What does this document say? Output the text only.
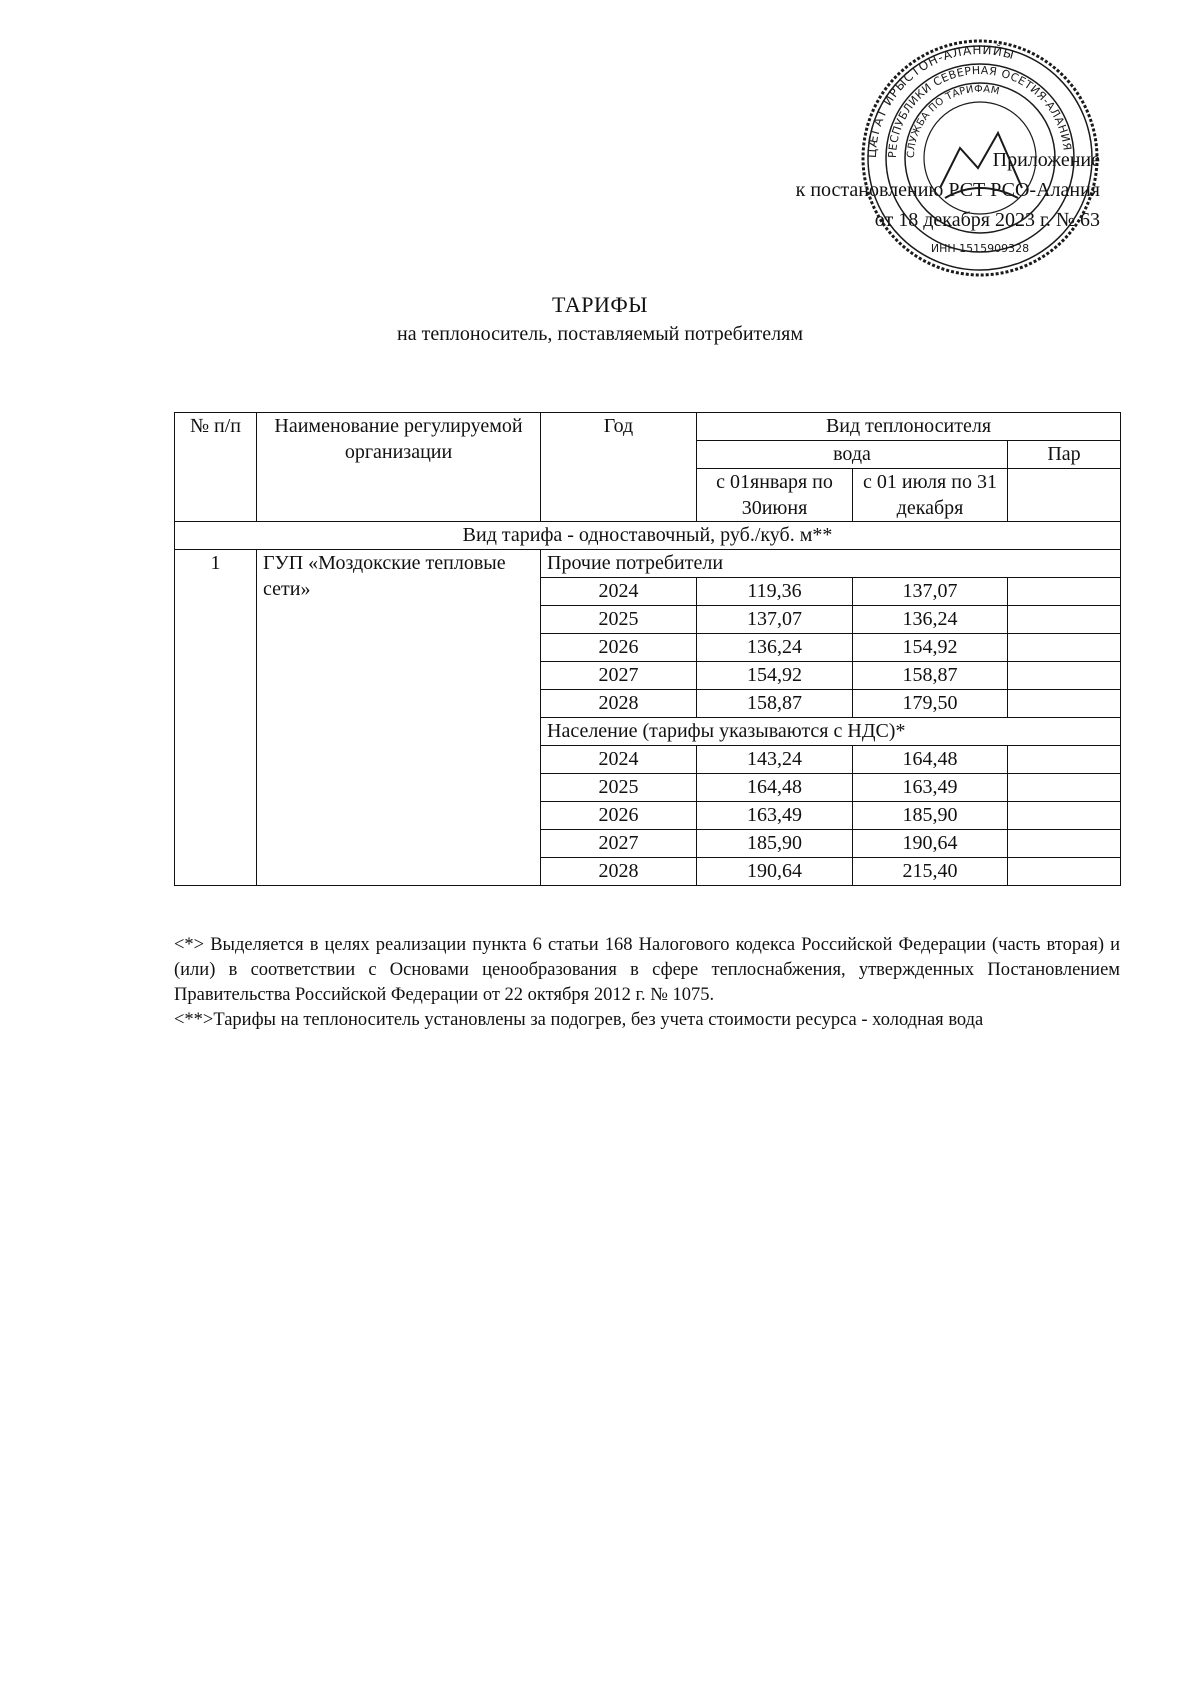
Приложение
к постановлению РСТ РСО-Алания
от 18 декабря 2023 г. № 63
ЦӔГАТ ИРЫСТОН-АЛАНИЙЫ
РЕСПУБЛИКИ СЕВЕРНАЯ ОСЕТИЯ-АЛАНИЯ
СЛУЖБА ПО ТАРИФАМ
ИНН 1515909328
ТАРИФЫ
на теплоноситель, поставляемый потребителям
№ п/п	Наименование регулируемой организации	Год	Вид теплоносителя		
			вода		Пар
			с 01января по 30июня	с 01 июля по 31 декабря	
Вид тарифа - одноставочный, руб./куб. м**					
1	ГУП «Моздокские тепловые сети»	Прочие потребители			
		2024	119,36	137,07	
		2025	137,07	136,24	
		2026	136,24	154,92	
		2027	154,92	158,87	
		2028	158,87	179,50	
		Население (тарифы указываются с НДС)*			
		2024	143,24	164,48	
		2025	164,48	163,49	
		2026	163,49	185,90	
		2027	185,90	190,64	
		2028	190,64	215,40	

<*> Выделяется в целях реализации пункта 6 статьи 168 Налогового кодекса Российской Федерации (часть вторая) и (или) в соответствии с Основами ценообразования в сфере теплоснабжения, утвержденных Постановлением Правительства Российской Федерации от 22 октября 2012 г. № 1075.

<**>Тарифы на теплоноситель установлены за подогрев, без учета стоимости ресурса - холодная вода
